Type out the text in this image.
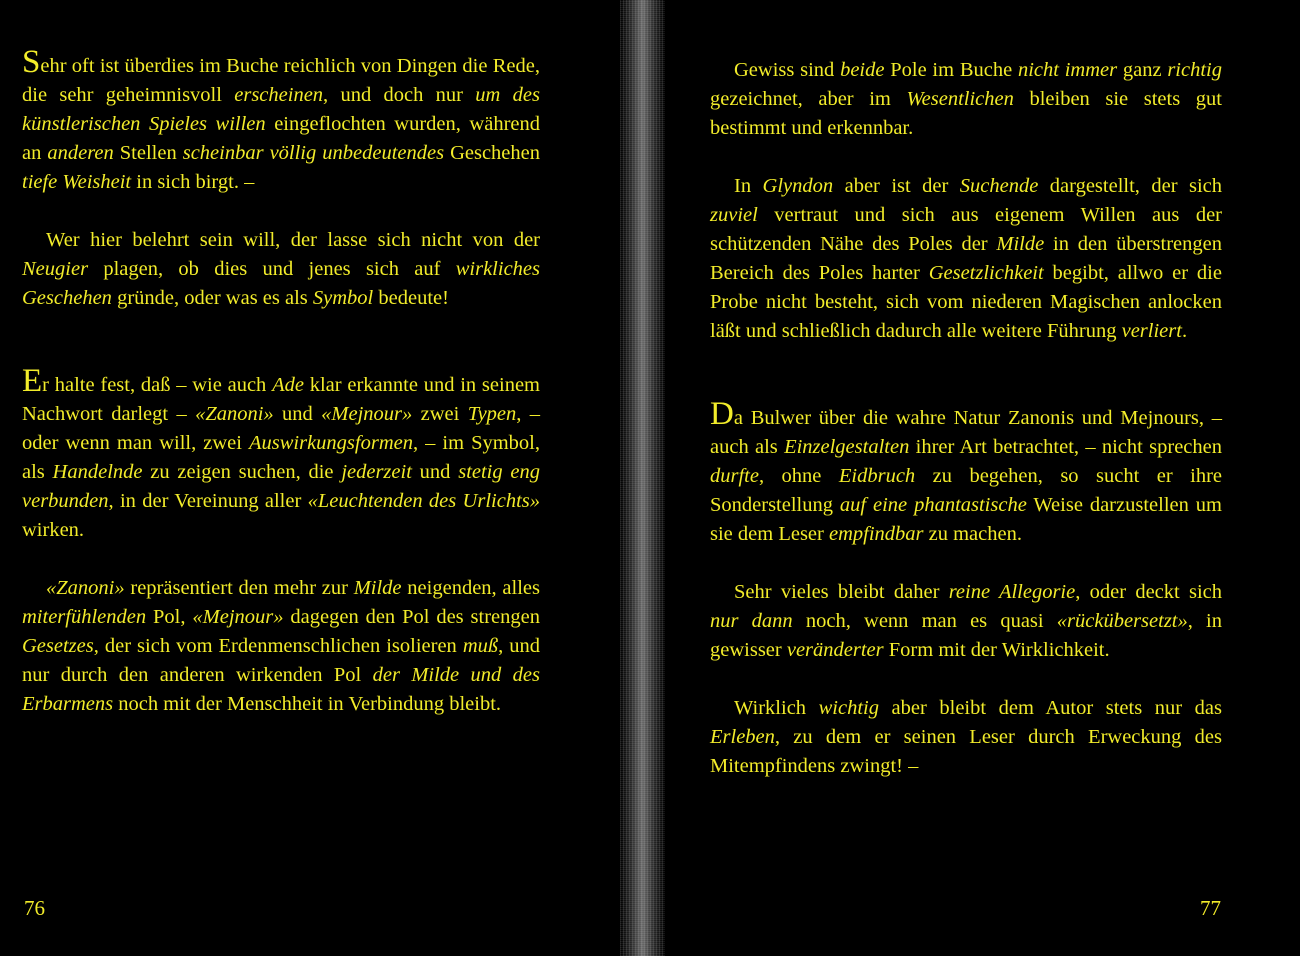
Sehr oft ist überdies im Buche reichlich von Dingen die Rede, die sehr geheimnisvoll erscheinen, und doch nur um des künstlerischen Spieles willen eingeflochten wurden, während an anderen Stellen scheinbar völlig unbedeutendes Geschehen tiefe Weisheit in sich birgt. –

Wer hier belehrt sein will, der lasse sich nicht von der Neugier plagen, ob dies und jenes sich auf wirkliches Geschehen gründe, oder was es als Symbol bedeute!

Er halte fest, daß – wie auch Ade klar erkannte und in seinem Nachwort darlegt – «Zanoni» und «Mejnour» zwei Typen, – oder wenn man will, zwei Auswirkungsformen, – im Symbol, als Handelnde zu zeigen suchen, die jederzeit und stetig eng verbunden, in der Vereinung aller «Leuchtenden des Urlichts» wirken.

«Zanoni» repräsentiert den mehr zur Milde neigenden, alles miterfühlenden Pol, «Mejnour» dagegen den Pol des strengen Gesetzes, der sich vom Erdenmenschlichen isolieren muß, und nur durch den anderen wirkenden Pol der Milde und des Erbarmens noch mit der Menschheit in Verbindung bleibt.

76

Gewiss sind beide Pole im Buche nicht immer ganz richtig gezeichnet, aber im Wesentlichen bleiben sie stets gut bestimmt und erkennbar.

In Glyndon aber ist der Suchende dargestellt, der sich zuviel vertraut und sich aus eigenem Willen aus der schützenden Nähe des Poles der Milde in den überstrengen Bereich des Poles harter Gesetzlichkeit begibt, allwo er die Probe nicht besteht, sich vom niederen Magischen anlocken läßt und schließlich dadurch alle weitere Führung verliert.

Da Bulwer über die wahre Natur Zanonis und Mejnours, – auch als Einzelgestalten ihrer Art betrachtet, – nicht sprechen durfte, ohne Eidbruch zu begehen, so sucht er ihre Sonderstellung auf eine phantastische Weise darzustellen um sie dem Leser empfindbar zu machen.

Sehr vieles bleibt daher reine Allegorie, oder deckt sich nur dann noch, wenn man es quasi «rückübersetzt», in gewisser veränderter Form mit der Wirklichkeit.

Wirklich wichtig aber bleibt dem Autor stets nur das Erleben, zu dem er seinen Leser durch Erweckung des Mitempfindens zwingt! –

77
